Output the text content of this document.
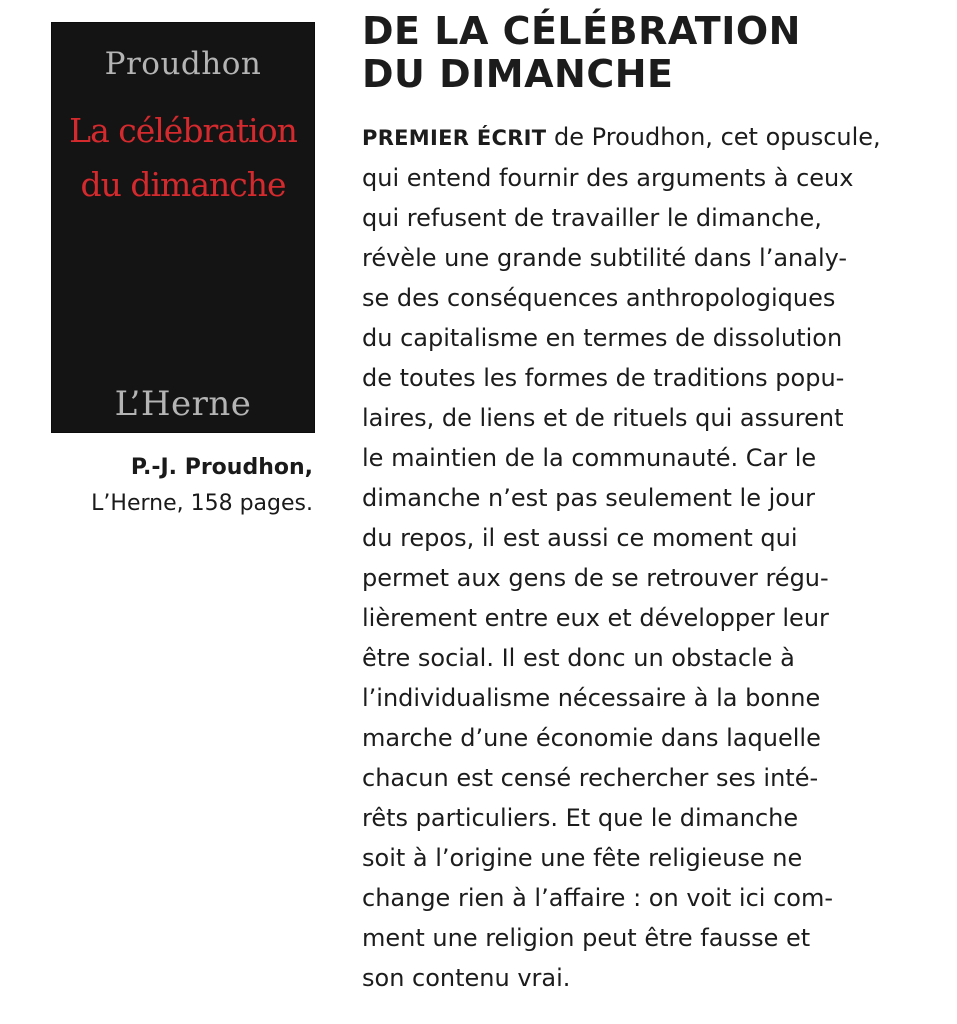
Proudhon
La célébration
du dimanche
L’Herne
P.-J. Proudhon,
L’Herne, 158 pages.
DE LA CÉLÉBRATION
DU DIMANCHE
PREMIER ÉCRIT de Proudhon, cet opuscule,
qui entend fournir des arguments à ceux
qui refusent de travailler le dimanche,
révèle une grande subtilité dans l’analy-
se des conséquences anthropologiques
du capitalisme en termes de dissolution
de toutes les formes de traditions popu-
laires, de liens et de rituels qui assurent
le maintien de la communauté. Car le
dimanche n’est pas seulement le jour
du repos, il est aussi ce moment qui
permet aux gens de se retrouver régu-
lièrement entre eux et développer leur
être social. Il est donc un obstacle à
l’individualisme nécessaire à la bonne
marche d’une économie dans laquelle
chacun est censé rechercher ses inté-
rêts particuliers. Et que le dimanche
soit à l’origine une fête religieuse ne
change rien à l’affaire : on voit ici com-
ment une religion peut être fausse et
son contenu vrai.
